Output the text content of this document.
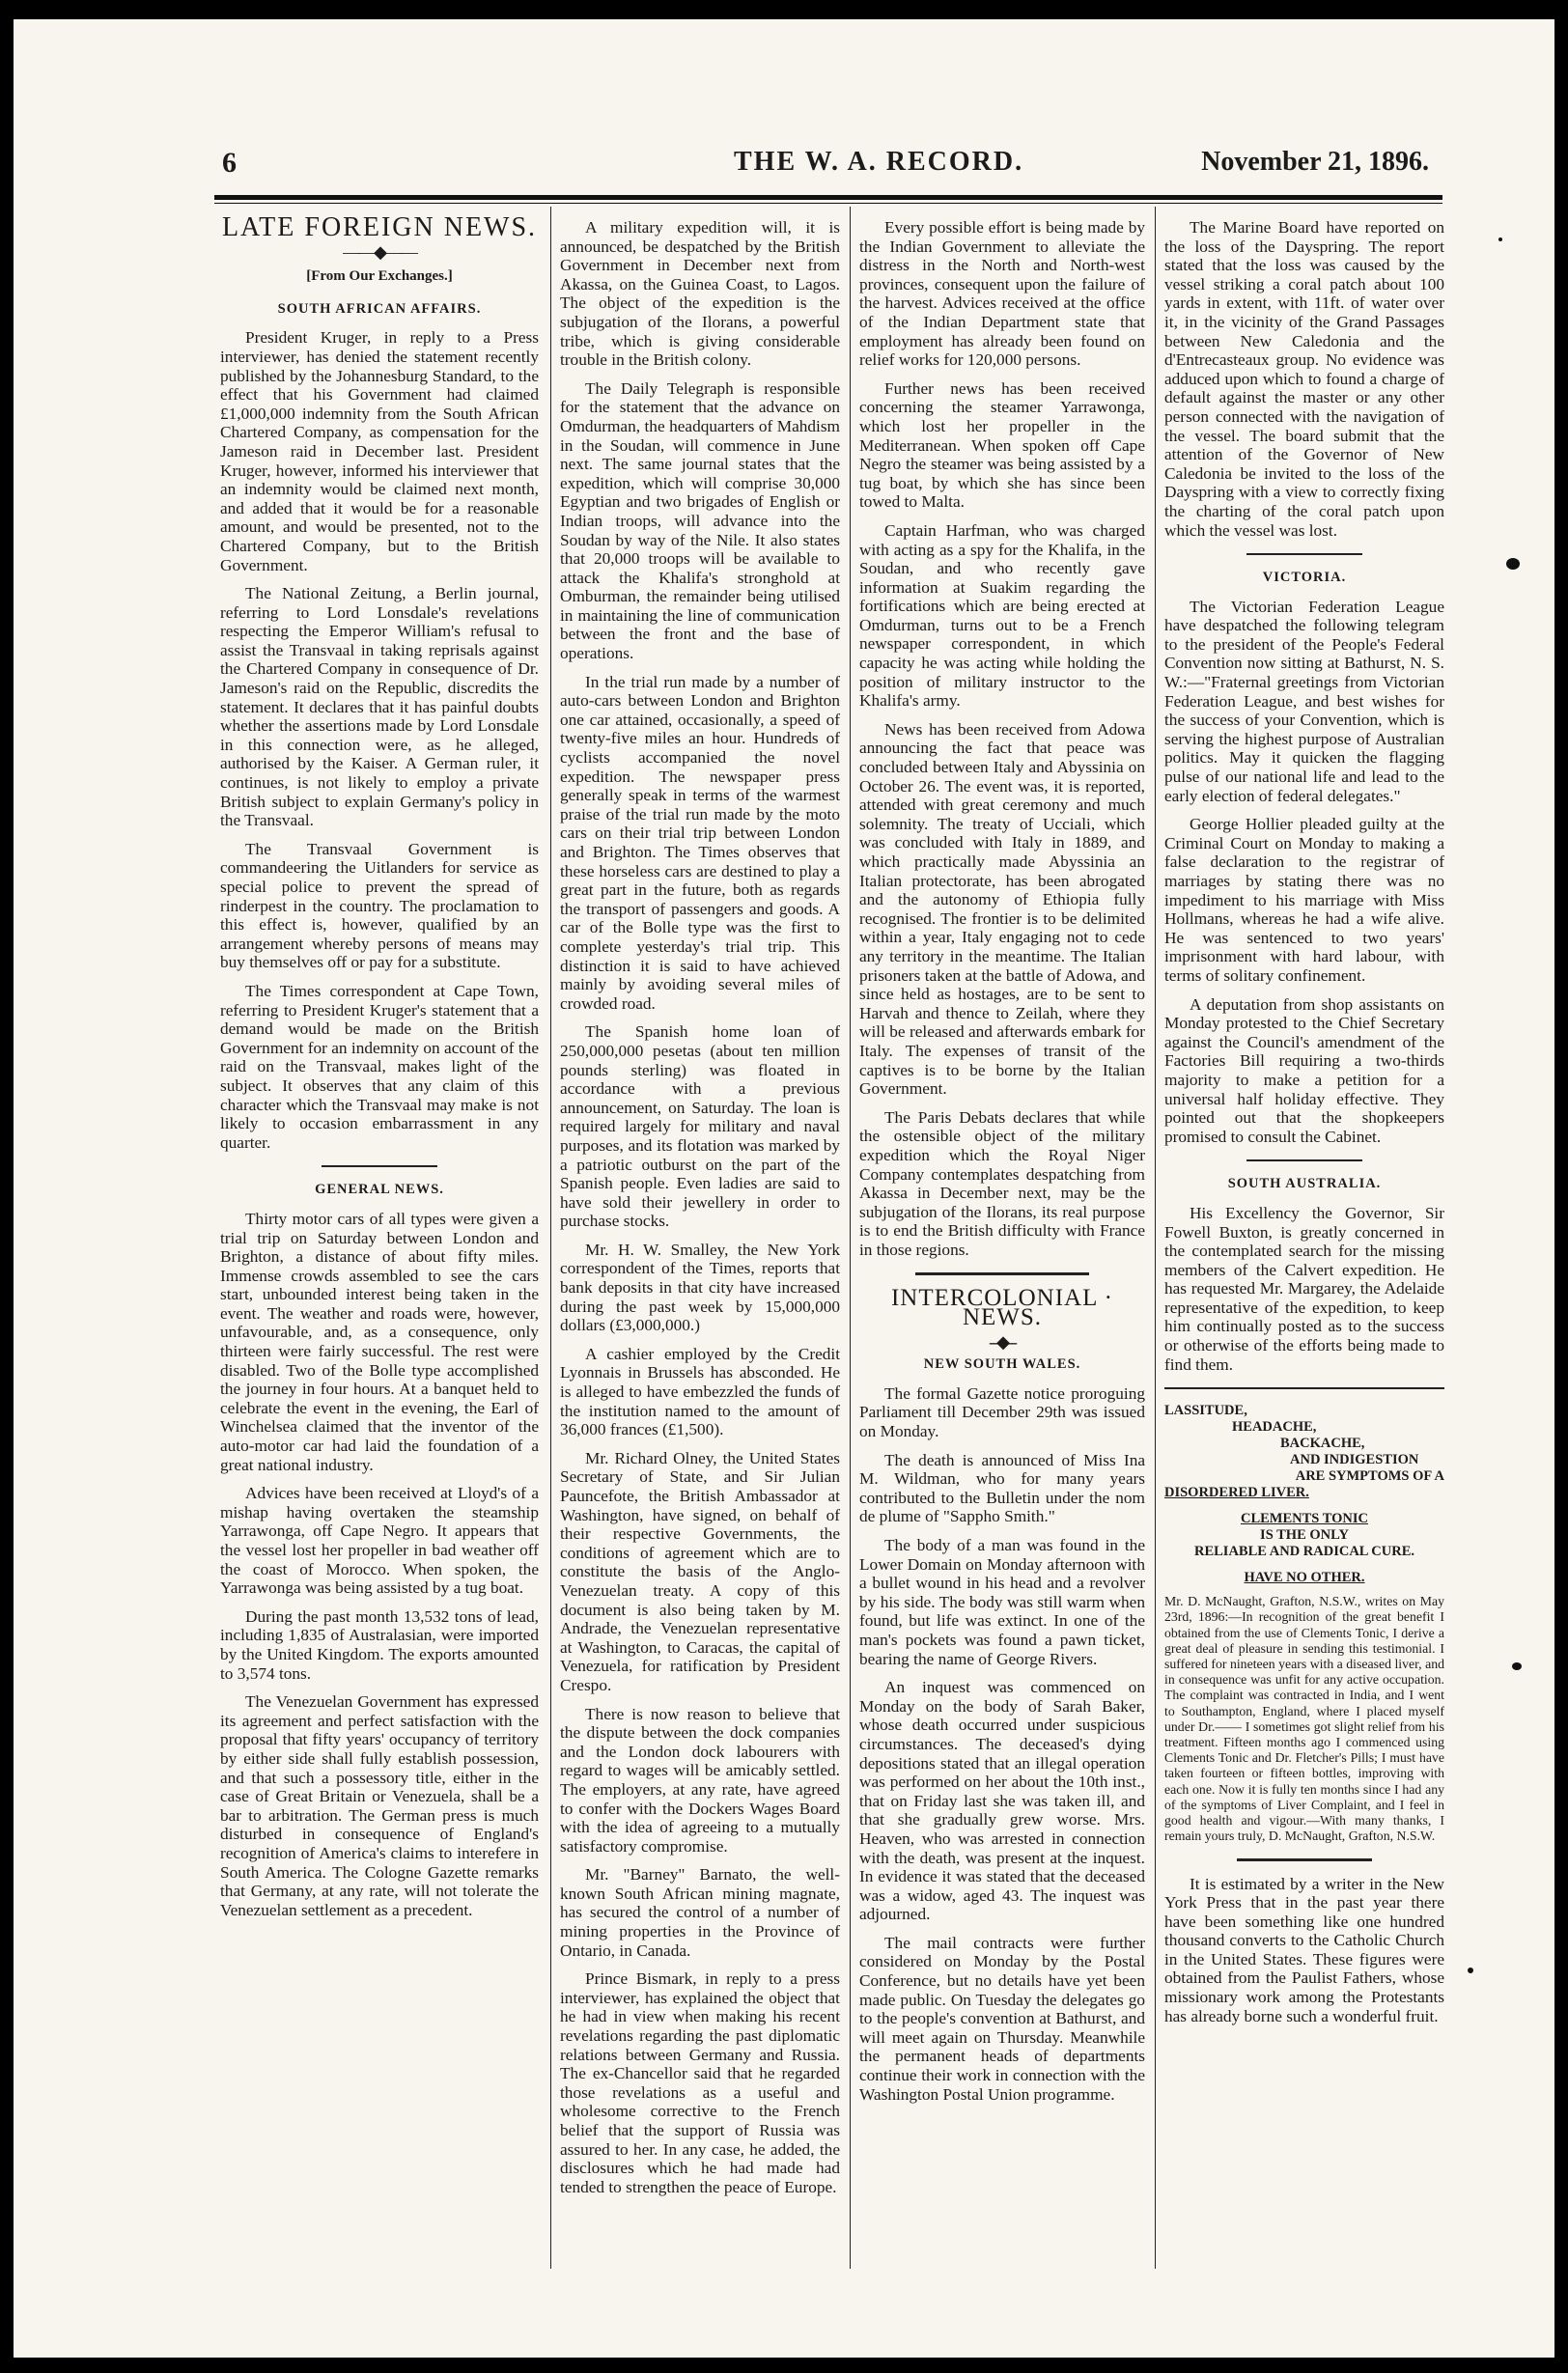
6	THE W. A. RECORD.	November 21, 1896.
LATE FOREIGN NEWS.
——◆——
[From Our Exchanges.]
SOUTH AFRICAN AFFAIRS.

President Kruger, in reply to a Press interviewer, has denied the statement recently published by the Johannesburg Standard, to the effect that his Government had claimed £1,000,000 indemnity from the South African Chartered Company, as compensation for the Jameson raid in December last. President Kruger, however, informed his interviewer that an indemnity would be claimed next month, and added that it would be for a reasonable amount, and would be presented, not to the Chartered Company, but to the British Government.

The National Zeitung, a Berlin journal, referring to Lord Lonsdale's revelations respecting the Emperor William's refusal to assist the Transvaal in taking reprisals against the Chartered Company in consequence of Dr. Jameson's raid on the Republic, discredits the statement. It declares that it has painful doubts whether the assertions made by Lord Lonsdale in this connection were, as he alleged, authorised by the Kaiser. A German ruler, it continues, is not likely to employ a private British subject to explain Germany's policy in the Transvaal.

The Transvaal Government is commandeering the Uitlanders for service as special police to prevent the spread of rinderpest in the country. The proclamation to this effect is, however, qualified by an arrangement whereby persons of means may buy themselves off or pay for a substitute.

The Times correspondent at Cape Town, referring to President Kruger's statement that a demand would be made on the British Government for an indemnity on account of the raid on the Transvaal, makes light of the subject. It observes that any claim of this character which the Transvaal may make is not likely to occasion embarrassment in any quarter.

GENERAL NEWS.

Thirty motor cars of all types were given a trial trip on Saturday between London and Brighton, a distance of about fifty miles. Immense crowds assembled to see the cars start, unbounded interest being taken in the event. The weather and roads were, however, unfavourable, and, as a consequence, only thirteen were fairly successful. The rest were disabled. Two of the Bolle type accomplished the journey in four hours. At a banquet held to celebrate the event in the evening, the Earl of Winchelsea claimed that the inventor of the auto-motor car had laid the foundation of a great national industry.

Advices have been received at Lloyd's of a mishap having overtaken the steamship Yarrawonga, off Cape Negro. It appears that the vessel lost her propeller in bad weather off the coast of Morocco. When spoken, the Yarrawonga was being assisted by a tug boat.

During the past month 13,532 tons of lead, including 1,835 of Australasian, were imported by the United Kingdom. The exports amounted to 3,574 tons.

The Venezuelan Government has expressed its agreement and perfect satisfaction with the proposal that fifty years' occupancy of territory by either side shall fully establish possession, and that such a possessory title, either in the case of Great Britain or Venezuela, shall be a bar to arbitration. The German press is much disturbed in consequence of England's recognition of America's claims to interefere in South America. The Cologne Gazette remarks that Germany, at any rate, will not tolerate the Venezuelan settlement as a precedent.

A military expedition will, it is announced, be despatched by the British Government in December next from Akassa, on the Guinea Coast, to Lagos. The object of the expedition is the subjugation of the Ilorans, a powerful tribe, which is giving considerable trouble in the British colony.

The Daily Telegraph is responsible for the statement that the advance on Omdurman, the headquarters of Mahdism in the Soudan, will commence in June next. The same journal states that the expedition, which will comprise 30,000 Egyptian and two brigades of English or Indian troops, will advance into the Soudan by way of the Nile. It also states that 20,000 troops will be available to attack the Khalifa's stronghold at Omburman, the remainder being utilised in maintaining the line of communication between the front and the base of operations.

In the trial run made by a number of auto-cars between London and Brighton one car attained, occasionally, a speed of twenty-five miles an hour. Hundreds of cyclists accompanied the novel expedition. The newspaper press generally speak in terms of the warmest praise of the trial run made by the moto cars on their trial trip between London and Brighton. The Times observes that these horseless cars are destined to play a great part in the future, both as regards the transport of passengers and goods. A car of the Bolle type was the first to complete yesterday's trial trip. This distinction it is said to have achieved mainly by avoiding several miles of crowded road.

The Spanish home loan of 250,000,000 pesetas (about ten million pounds sterling) was floated in accordance with a previous announcement, on Saturday. The loan is required largely for military and naval purposes, and its flotation was marked by a patriotic outburst on the part of the Spanish people. Even ladies are said to have sold their jewellery in order to purchase stocks.

Mr. H. W. Smalley, the New York correspondent of the Times, reports that bank deposits in that city have increased during the past week by 15,000,000 dollars (£3,000,000.)

A cashier employed by the Credit Lyonnais in Brussels has absconded. He is alleged to have embezzled the funds of the institution named to the amount of 36,000 frances (£1,500).

Mr. Richard Olney, the United States Secretary of State, and Sir Julian Pauncefote, the British Ambassador at Washington, have signed, on behalf of their respective Governments, the conditions of agreement which are to constitute the basis of the Anglo-Venezuelan treaty. A copy of this document is also being taken by M. Andrade, the Venezuelan representative at Washington, to Caracas, the capital of Venezuela, for ratification by President Crespo.

There is now reason to believe that the dispute between the dock companies and the London dock labourers with regard to wages will be amicably settled. The employers, at any rate, have agreed to confer with the Dockers Wages Board with the idea of agreeing to a mutually satisfactory compromise.

Mr. "Barney" Barnato, the well-known South African mining magnate, has secured the control of a number of mining properties in the Province of Ontario, in Canada.

Prince Bismark, in reply to a press interviewer, has explained the object that he had in view when making his recent revelations regarding the past diplomatic relations between Germany and Russia. The ex-Chancellor said that he regarded those revelations as a useful and wholesome corrective to the French belief that the support of Russia was assured to her. In any case, he added, the disclosures which he had made had tended to strengthen the peace of Europe.

Every possible effort is being made by the Indian Government to alleviate the distress in the North and North-west provinces, consequent upon the failure of the harvest. Advices received at the office of the Indian Department state that employment has already been found on relief works for 120,000 persons.

Further news has been received concerning the steamer Yarrawonga, which lost her propeller in the Mediterranean. When spoken off Cape Negro the steamer was being assisted by a tug boat, by which she has since been towed to Malta.

Captain Harfman, who was charged with acting as a spy for the Khalifa, in the Soudan, and who recently gave information at Suakim regarding the fortifications which are being erected at Omdurman, turns out to be a French newspaper correspondent, in which capacity he was acting while holding the position of military instructor to the Khalifa's army.

News has been received from Adowa announcing the fact that peace was concluded between Italy and Abyssinia on October 26. The event was, it is reported, attended with great ceremony and much solemnity. The treaty of Ucciali, which was concluded with Italy in 1889, and which practically made Abyssinia an Italian protectorate, has been abrogated and the autonomy of Ethiopia fully recognised. The frontier is to be delimited within a year, Italy engaging not to cede any territory in the meantime. The Italian prisoners taken at the battle of Adowa, and since held as hostages, are to be sent to Harvah and thence to Zeilah, where they will be released and afterwards embark for Italy. The expenses of transit of the captives is to be borne by the Italian Government.

The Paris Debats declares that while the ostensible object of the military expedition which the Royal Niger Company contemplates despatching from Akassa in December next, may be the subjugation of the Ilorans, its real purpose is to end the British difficulty with France in those regions.

INTERCOLONIAL · NEWS.
--◆--
NEW SOUTH WALES.

The formal Gazette notice proroguing Parliament till December 29th was issued on Monday.

The death is announced of Miss Ina M. Wildman, who for many years contributed to the Bulletin under the nom de plume of "Sappho Smith."

The body of a man was found in the Lower Domain on Monday afternoon with a bullet wound in his head and a revolver by his side. The body was still warm when found, but life was extinct. In one of the man's pockets was found a pawn ticket, bearing the name of George Rivers.

An inquest was commenced on Monday on the body of Sarah Baker, whose death occurred under suspicious circumstances. The deceased's dying depositions stated that an illegal operation was performed on her about the 10th inst., that on Friday last she was taken ill, and that she gradually grew worse. Mrs. Heaven, who was arrested in connection with the death, was present at the inquest. In evidence it was stated that the deceased was a widow, aged 43. The inquest was adjourned.

The mail contracts were further considered on Monday by the Postal Conference, but no details have yet been made public. On Tuesday the delegates go to the people's convention at Bathurst, and will meet again on Thursday. Meanwhile the permanent heads of departments continue their work in connection with the Washington Postal Union programme.

The Marine Board have reported on the loss of the Dayspring. The report stated that the loss was caused by the vessel striking a coral patch about 100 yards in extent, with 11ft. of water over it, in the vicinity of the Grand Passages between New Caledonia and the d'Entrecasteaux group. No evidence was adduced upon which to found a charge of default against the master or any other person connected with the navigation of the vessel. The board submit that the attention of the Governor of New Caledonia be invited to the loss of the Dayspring with a view to correctly fixing the charting of the coral patch upon which the vessel was lost.

VICTORIA.

The Victorian Federation League have despatched the following telegram to the president of the People's Federal Convention now sitting at Bathurst, N. S. W.:—"Fraternal greetings from Victorian Federation League, and best wishes for the success of your Convention, which is serving the highest purpose of Australian politics. May it quicken the flagging pulse of our national life and lead to the early election of federal delegates."

George Hollier pleaded guilty at the Criminal Court on Monday to making a false declaration to the registrar of marriages by stating there was no impediment to his marriage with Miss Hollmans, whereas he had a wife alive. He was sentenced to two years' imprisonment with hard labour, with terms of solitary confinement.

A deputation from shop assistants on Monday protested to the Chief Secretary against the Council's amendment of the Factories Bill requiring a two-thirds majority to make a petition for a universal half holiday effective. They pointed out that the shopkeepers promised to consult the Cabinet.

SOUTH AUSTRALIA.

His Excellency the Governor, Sir Fowell Buxton, is greatly concerned in the contemplated search for the missing members of the Calvert expedition. He has requested Mr. Margarey, the Adelaide representative of the expedition, to keep him continually posted as to the success or otherwise of the efforts being made to find them.

LASSITUDE,
HEADACHE,
BACKACHE,
AND INDIGESTION
ARE SYMPTOMS OF A
DISORDERED LIVER.
CLEMENTS TONIC
IS THE ONLY
RELIABLE AND RADICAL CURE.
HAVE NO OTHER.
Mr. D. McNaught, Grafton, N.S.W., writes on May 23rd, 1896:—In recognition of the great benefit I obtained from the use of Clements Tonic, I derive a great deal of pleasure in sending this testimonial. I suffered for nineteen years with a diseased liver, and in consequence was unfit for any active occupation. The complaint was contracted in India, and I went to Southampton, England, where I placed myself under Dr.—— I sometimes got slight relief from his treatment. Fifteen months ago I commenced using Clements Tonic and Dr. Fletcher's Pills; I must have taken fourteen or fifteen bottles, improving with each one. Now it is fully ten months since I had any of the symptoms of Liver Complaint, and I feel in good health and vigour.—With many thanks, I remain yours truly, D. McNaught, Grafton, N.S.W.

It is estimated by a writer in the New York Press that in the past year there have been something like one hundred thousand converts to the Catholic Church in the United States. These figures were obtained from the Paulist Fathers, whose missionary work among the Protestants has already borne such a wonderful fruit.
